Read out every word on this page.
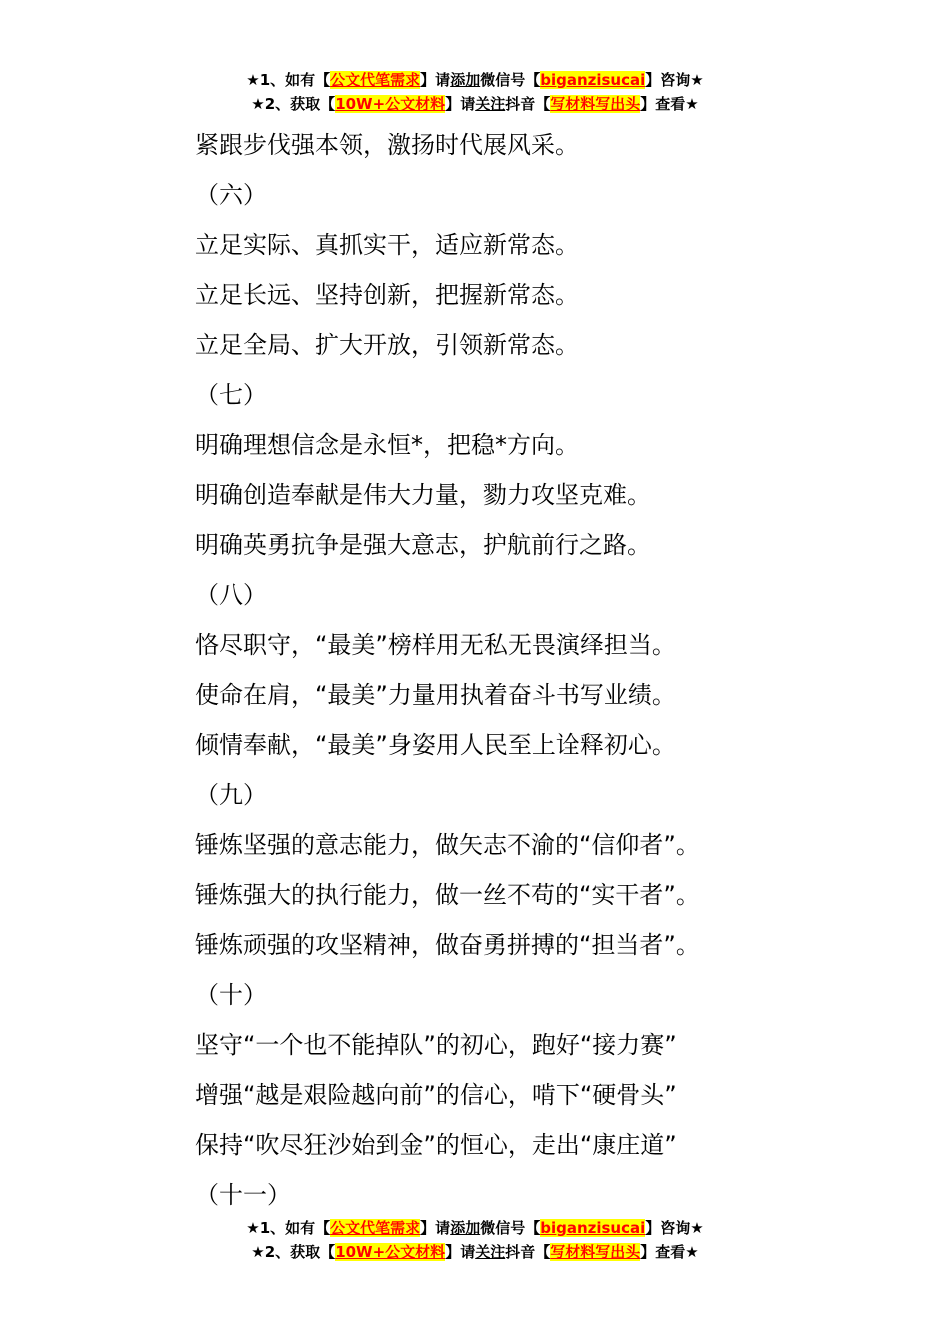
★1、如有【公文代笔需求】请添加微信号【biganzisucai】咨询★
★2、获取【10W+公文材料】请关注抖音【写材料写出头】查看★
紧跟步伐强本领，激扬时代展风采。
（六）
立足实际、真抓实干，适应新常态。
立足长远、坚持创新，把握新常态。
立足全局、扩大开放，引领新常态。
（七）
明确理想信念是永恒*，把稳*方向。
明确创造奉献是伟大力量，勠力攻坚克难。
明确英勇抗争是强大意志，护航前行之路。
（八）
恪尽职守，“最美”榜样用无私无畏演绎担当。
使命在肩，“最美”力量用执着奋斗书写业绩。
倾情奉献，“最美”身姿用人民至上诠释初心。
（九）
锤炼坚强的意志能力，做矢志不渝的“信仰者”。
锤炼强大的执行能力，做一丝不苟的“实干者”。
锤炼顽强的攻坚精神，做奋勇拼搏的“担当者”。
（十）
坚守“一个也不能掉队”的初心，跑好“接力赛”
增强“越是艰险越向前”的信心，啃下“硬骨头”
保持“吹尽狂沙始到金”的恒心，走出“康庄道”
（十一）
★1、如有【公文代笔需求】请添加微信号【biganzisucai】咨询★
★2、获取【10W+公文材料】请关注抖音【写材料写出头】查看★
